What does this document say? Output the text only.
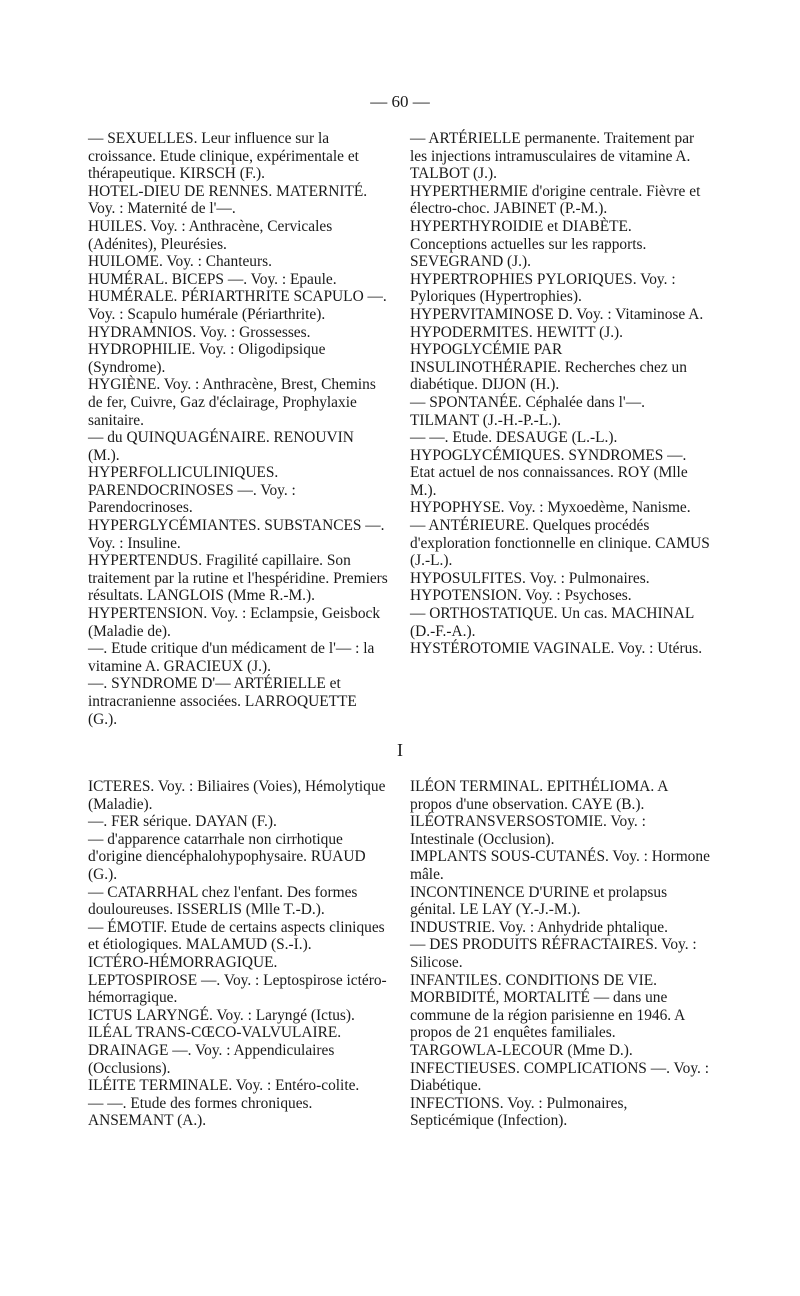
— 60 —

— SEXUELLES. Leur influence sur la croissance. Etude clinique, expérimentale et thérapeutique. KIRSCH (F.).

HOTEL-DIEU DE RENNES. MATERNITÉ. Voy. : Maternité de l'—.

HUILES. Voy. : Anthracène, Cervicales (Adénites), Pleurésies.

HUILOME. Voy. : Chanteurs.

HUMÉRAL. BICEPS —. Voy. : Epaule.

HUMÉRALE. PÉRIARTHRITE SCAPULO —. Voy. : Scapulo humérale (Périarthrite).

HYDRAMNIOS. Voy. : Grossesses.

HYDROPHILIE. Voy. : Oligodipsique (Syndrome).

HYGIÈNE. Voy. : Anthracène, Brest, Chemins de fer, Cuivre, Gaz d'éclairage, Prophylaxie sanitaire.

— du QUINQUAGÉNAIRE. RENOUVIN (M.).

HYPERFOLLICULINIQUES. PARENDOCRINOSES —. Voy. : Parendocrinoses.

HYPERGLYCÉMIANTES. SUBSTANCES —. Voy. : Insuline.

HYPERTENDUS. Fragilité capillaire. Son traitement par la rutine et l'hespéridine. Premiers résultats. LANGLOIS (Mme R.-M.).

HYPERTENSION. Voy. : Eclampsie, Geisbock (Maladie de).

—. Etude critique d'un médicament de l'— : la vitamine A. GRACIEUX (J.).

—. SYNDROME D'— ARTÉRIELLE et intracranienne associées. LARROQUETTE (G.).

— ARTÉRIELLE permanente. Traitement par les injections intramusculaires de vitamine A. TALBOT (J.).

HYPERTHERMIE d'origine centrale. Fièvre et électro-choc. JABINET (P.-M.).

HYPERTHYROIDIE et DIABÈTE. Conceptions actuelles sur les rapports. SEVEGRAND (J.).

HYPERTROPHIES PYLORIQUES. Voy. : Pyloriques (Hypertrophies).

HYPERVITAMINOSE D. Voy. : Vitaminose A.

HYPODERMITES. HEWITT (J.).

HYPOGLYCÉMIE PAR INSULINOTHÉRAPIE. Recherches chez un diabétique. DIJON (H.).

— SPONTANÉE. Céphalée dans l'—. TILMANT (J.-H.-P.-L.).

— —. Etude. DESAUGE (L.-L.).

HYPOGLYCÉMIQUES. SYNDROMES —. Etat actuel de nos connaissances. ROY (Mlle M.).

HYPOPHYSE. Voy. : Myxoedème, Nanisme.

— ANTÉRIEURE. Quelques procédés d'exploration fonctionnelle en clinique. CAMUS (J.-L.).

HYPOSULFITES. Voy. : Pulmonaires.

HYPOTENSION. Voy. : Psychoses.

— ORTHOSTATIQUE. Un cas. MACHINAL (D.-F.-A.).

HYSTÉROTOMIE VAGINALE. Voy. : Utérus.

I

ICTERES. Voy. : Biliaires (Voies), Hémolytique (Maladie).

—. FER sérique. DAYAN (F.).

— d'apparence catarrhale non cirrhotique d'origine diencéphalohypophysaire. RUAUD (G.).

— CATARRHAL chez l'enfant. Des formes douloureuses. ISSERLIS (Mlle T.-D.).

— ÉMOTIF. Etude de certains aspects cliniques et étiologiques. MALAMUD (S.-I.).

ICTÉRO-HÉMORRAGIQUE. LEPTOSPIROSE —. Voy. : Leptospirose ictéro-hémorragique.

ICTUS LARYNGÉ. Voy. : Laryngé (Ictus).

ILÉAL TRANS-CŒCO-VALVULAIRE. DRAINAGE —. Voy. : Appendiculaires (Occlusions).

ILÉITE TERMINALE. Voy. : Entéro-colite.

— —. Etude des formes chroniques. ANSEMANT (A.).

ILÉON TERMINAL. EPITHÉLIOMA. A propos d'une observation. CAYE (B.).

ILÉOTRANSVERSOSTOMIE. Voy. : Intestinale (Occlusion).

IMPLANTS SOUS-CUTANÉS. Voy. : Hormone mâle.

INCONTINENCE D'URINE et prolapsus génital. LE LAY (Y.-J.-M.).

INDUSTRIE. Voy. : Anhydride phtalique.

— DES PRODUITS RÉFRACTAIRES. Voy. : Silicose.

INFANTILES. CONDITIONS DE VIE. MORBIDITÉ, MORTALITÉ — dans une commune de la région parisienne en 1946. A propos de 21 enquêtes familiales. TARGOWLA-LECOUR (Mme D.).

INFECTIEUSES. COMPLICATIONS —. Voy. : Diabétique.

INFECTIONS. Voy. : Pulmonaires, Septicémique (Infection).
